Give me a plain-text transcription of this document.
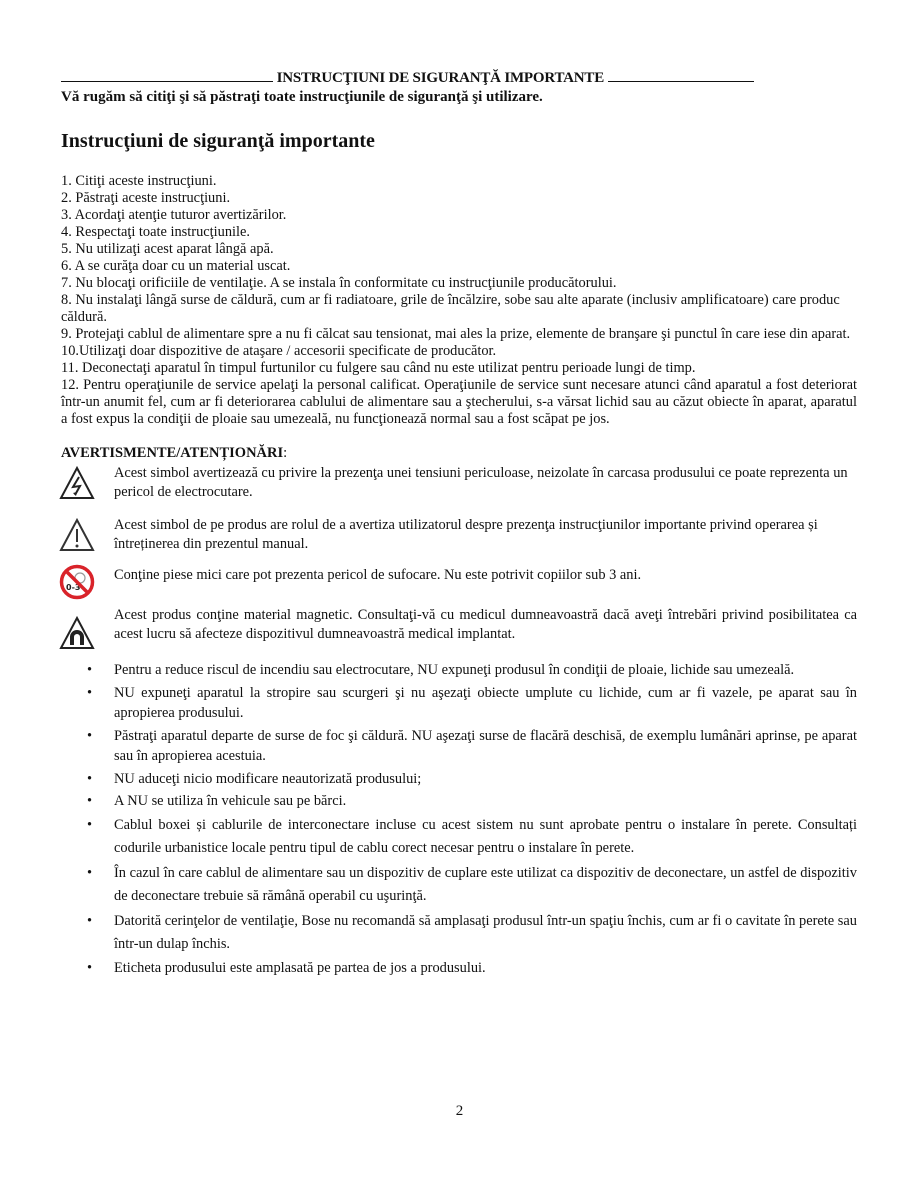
INSTRUCŢIUNI DE SIGURANŢĂ IMPORTANTE
Vă rugăm să citiţi şi să păstraţi toate instrucţiunile de siguranţă şi utilizare.
Instrucţiuni de siguranţă importante
1. Citiţi aceste instrucţiuni.
2. Păstraţi aceste instrucţiuni.
3. Acordaţi atenţie tuturor avertizărilor.
4. Respectaţi toate instrucţiunile.
5. Nu utilizaţi acest aparat lângă apă.
6. A se curăţa doar cu un material uscat.
7. Nu blocaţi orificiile de ventilaţie. A se instala în conformitate cu instrucţiunile producătorului.
8. Nu instalaţi lângă surse de căldură, cum ar fi radiatoare, grile de încălzire, sobe sau alte aparate (inclusiv amplificatoare) care produc căldură.
9. Protejaţi cablul de alimentare spre a nu fi călcat sau tensionat, mai ales la prize, elemente de branşare şi punctul în care iese din aparat.
10.Utilizaţi doar dispozitive de ataşare / accesorii specificate de producător.
11. Deconectaţi aparatul în timpul furtunilor cu fulgere sau când nu este utilizat pentru perioade lungi de timp.
12. Pentru operaţiunile de service apelaţi la personal calificat. Operaţiunile de service sunt necesare atunci când aparatul a fost deteriorat într-un anumit fel, cum ar fi deteriorarea cablului de alimentare sau a ştecherului, s-a vărsat lichid sau au căzut obiecte în aparat, aparatul a fost expus la condiţii de ploaie sau umezeală, nu funcţionează normal sau a fost scăpat pe jos.
AVERTISMENTE/ATENȚIONĂRI:
Acest simbol avertizează cu privire la prezenţa unei tensiuni periculoase, neizolate în carcasa produsului ce poate reprezenta un pericol de electrocutare.
Acest simbol de pe produs are rolul de a avertiza utilizatorul despre prezenţa instrucţiunilor importante privind operarea și întreținerea din prezentul manual.
0-3
Conţine piese mici care pot prezenta pericol de sufocare. Nu este potrivit copiilor sub 3 ani.
Acest produs conţine material magnetic. Consultaţi-vă cu medicul dumneavoastră dacă aveţi întrebări privind posibilitatea ca acest lucru să afecteze dispozitivul dumneavoastră medical implantat.
• Pentru a reduce riscul de incendiu sau electrocutare, NU expuneţi produsul în condiţii de ploaie, lichide sau umezeală.
• NU expuneţi aparatul la stropire sau scurgeri şi nu aşezaţi obiecte umplute cu lichide, cum ar fi vazele, pe aparat sau în apropierea produsului.
• Păstraţi aparatul departe de surse de foc şi căldură. NU aşezaţi surse de flacără deschisă, de exemplu lumânări aprinse, pe aparat sau în apropierea acestuia.
• NU aduceţi nicio modificare neautorizată produsului;
• A NU se utiliza în vehicule sau pe bărci.
• Cablul boxei și cablurile de interconectare incluse cu acest sistem nu sunt aprobate pentru o instalare în perete. Consultați codurile urbanistice locale pentru tipul de cablu corect necesar pentru o instalare în perete.
• În cazul în care cablul de alimentare sau un dispozitiv de cuplare este utilizat ca dispozitiv de deconectare, un astfel de dispozitiv de deconectare trebuie să rămână operabil cu uşurinţă.
• Datorită cerinţelor de ventilaţie, Bose nu recomandă să amplasaţi produsul într-un spaţiu închis, cum ar fi o cavitate în perete sau într-un dulap închis.
• Eticheta produsului este amplasată pe partea de jos a produsului.
2
